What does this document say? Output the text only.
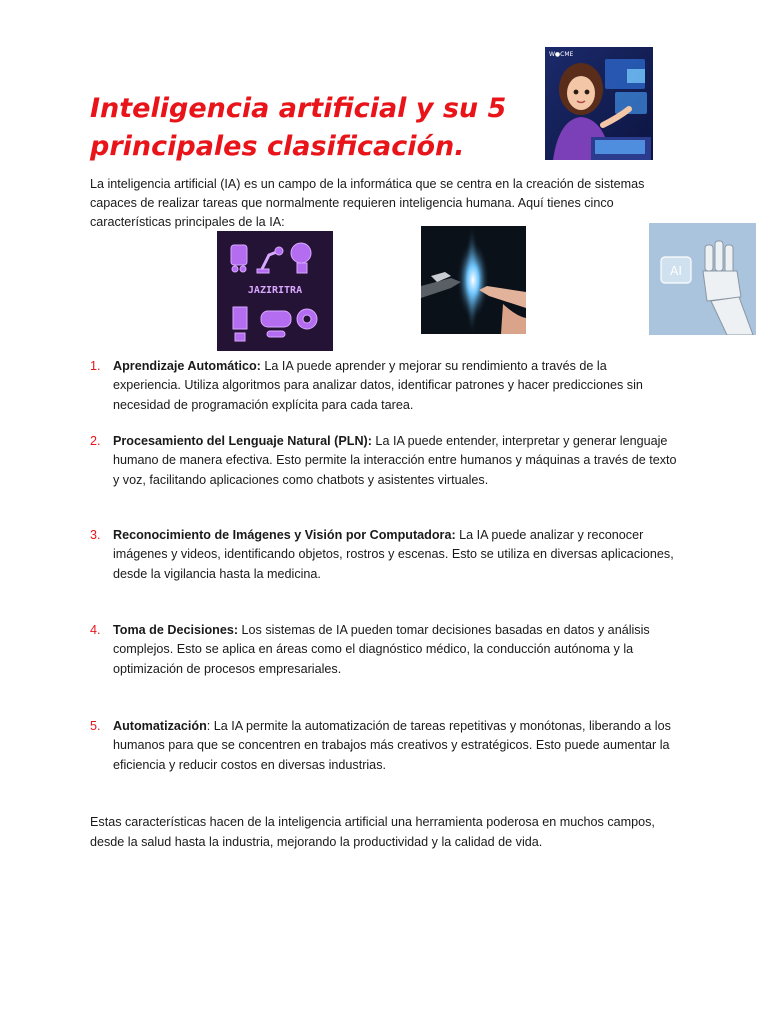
Inteligencia artificial y su 5 principales clasificación.
W●CME

La inteligencia artificial (IA) es un campo de la informática que se centra en la creación de sistemas capaces de realizar tareas que normalmente requieren inteligencia humana. Aquí tienes cinco características principales de la IA:

JAZIRITRA
AI
1. Aprendizaje Automático: La IA puede aprender y mejorar su rendimiento a través de la experiencia. Utiliza algoritmos para analizar datos, identificar patrones y hacer predicciones sin necesidad de programación explícita para cada tarea.
2. Procesamiento del Lenguaje Natural (PLN): La IA puede entender, interpretar y generar lenguaje humano de manera efectiva. Esto permite la interacción entre humanos y máquinas a través de texto y voz, facilitando aplicaciones como chatbots y asistentes virtuales.
3. Reconocimiento de Imágenes y Visión por Computadora: La IA puede analizar y reconocer imágenes y videos, identificando objetos, rostros y escenas. Esto se utiliza en diversas aplicaciones, desde la vigilancia hasta la medicina.
4. Toma de Decisiones: Los sistemas de IA pueden tomar decisiones basadas en datos y análisis complejos. Esto se aplica en áreas como el diagnóstico médico, la conducción autónoma y la optimización de procesos empresariales.
5. Automatización: La IA permite la automatización de tareas repetitivas y monótonas, liberando a los humanos para que se concentren en trabajos más creativos y estratégicos. Esto puede aumentar la eficiencia y reducir costos en diversas industrias.

Estas características hacen de la inteligencia artificial una herramienta poderosa en muchos campos, desde la salud hasta la industria, mejorando la productividad y la calidad de vida.
